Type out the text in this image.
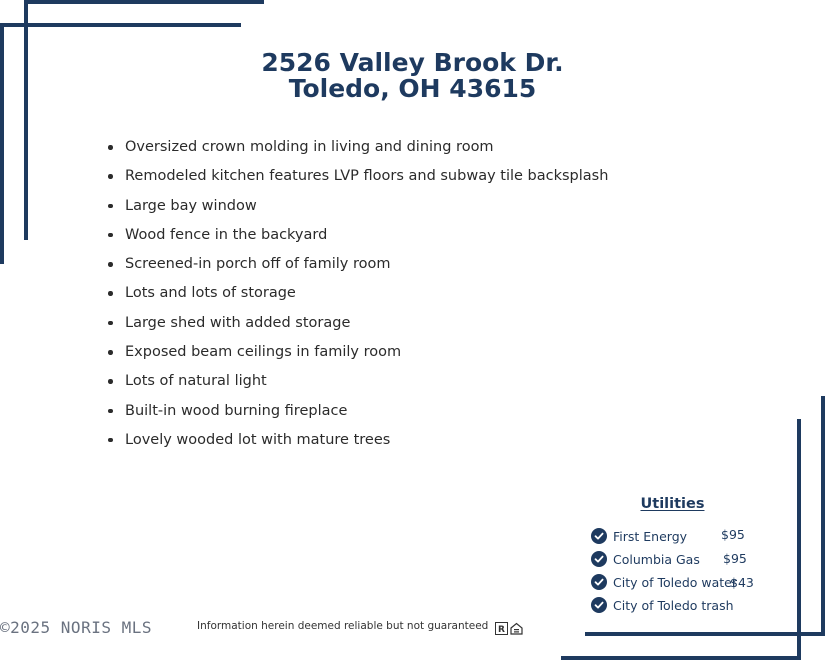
2526 Valley Brook Dr.
Toledo, OH 43615
Oversized crown molding in living and dining room
Remodeled kitchen features LVP floors and subway tile backsplash
Large bay window
Wood fence in the backyard
Screened-in porch off of family room
Lots and lots of storage
Large shed with added storage
Exposed beam ceilings in family room
Lots of natural light
Built-in wood burning fireplace
Lovely wooded lot with mature trees
Utilities
First Energy	$95
Columbia Gas $95
City of Toledo water
$43
City of Toledo trash
©2025 NORIS MLS	Information herein deemed reliable but not guaranteed R
